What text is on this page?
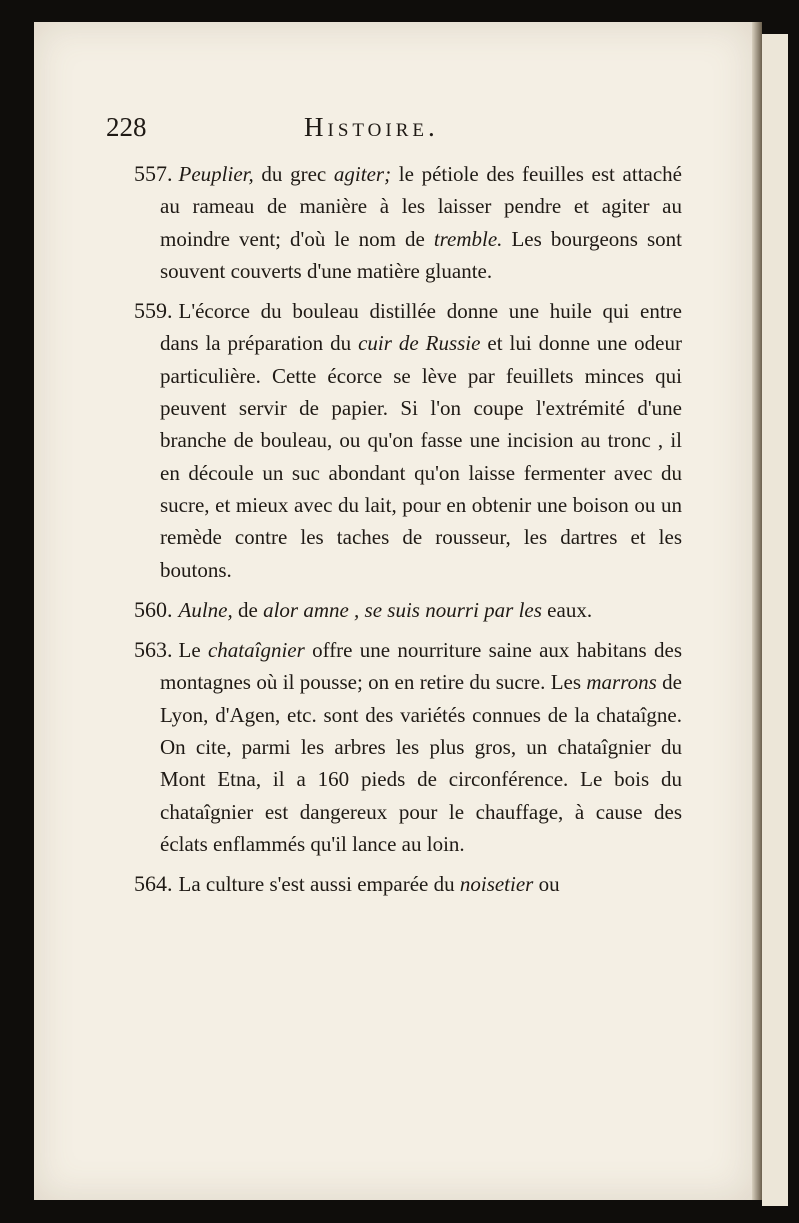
228	Histoire.

557. Peuplier, du grec agiter; le pétiole des feuilles est attaché au rameau de manière à les laisser pendre et agiter au moindre vent; d'où le nom de tremble. Les bourgeons sont souvent couverts d'une matière gluante.

559. L'écorce du bouleau distillée donne une huile qui entre dans la préparation du cuir de Russie et lui donne une odeur particulière. Cette écorce se lève par feuillets minces qui peuvent servir de papier. Si l'on coupe l'extrémité d'une branche de bouleau, ou qu'on fasse une incision au tronc , il en découle un suc abondant qu'on laisse fermenter avec du sucre, et mieux avec du lait, pour en obtenir une boison ou un remède contre les taches de rousseur, les dartres et les boutons.

560. Aulne, de alor amne , se suis nourri par les eaux.

563. Le chataîgnier offre une nourriture saine aux habitans des montagnes où il pousse; on en retire du sucre. Les marrons de Lyon, d'Agen, etc. sont des variétés connues de la chataîgne. On cite, parmi les arbres les plus gros, un chataîgnier du Mont Etna, il a 160 pieds de circonférence. Le bois du chataîgnier est dangereux pour le chauffage, à cause des éclats enflammés qu'il lance au loin.

564. La culture s'est aussi emparée du noisetier ou
